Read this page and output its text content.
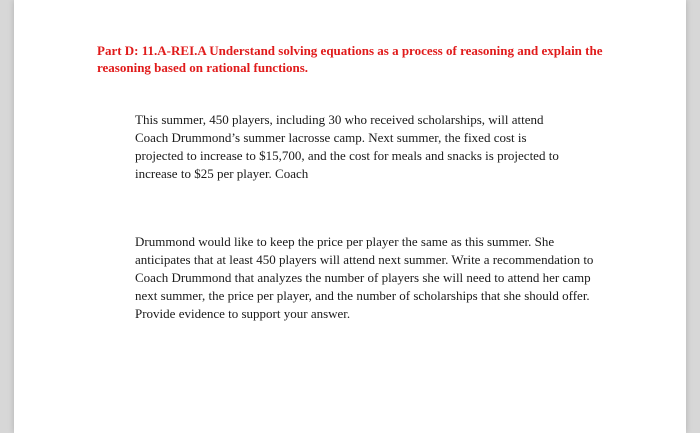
Part D: 11.A-REI.A Understand solving equations as a process of reasoning and explain the
reasoning based on rational functions.

This summer, 450 players, including 30 who received scholarships, will attend
Coach Drummond’s summer lacrosse camp. Next summer, the fixed cost is
projected to increase to $15,700, and the cost for meals and snacks is projected to
increase to $25 per player. Coach

Drummond would like to keep the price per player the same as this summer. She
anticipates that at least 450 players will attend next summer. Write a recommendation to
Coach Drummond that analyzes the number of players she will need to attend her camp
next summer, the price per player, and the number of scholarships that she should offer.
Provide evidence to support your answer.
